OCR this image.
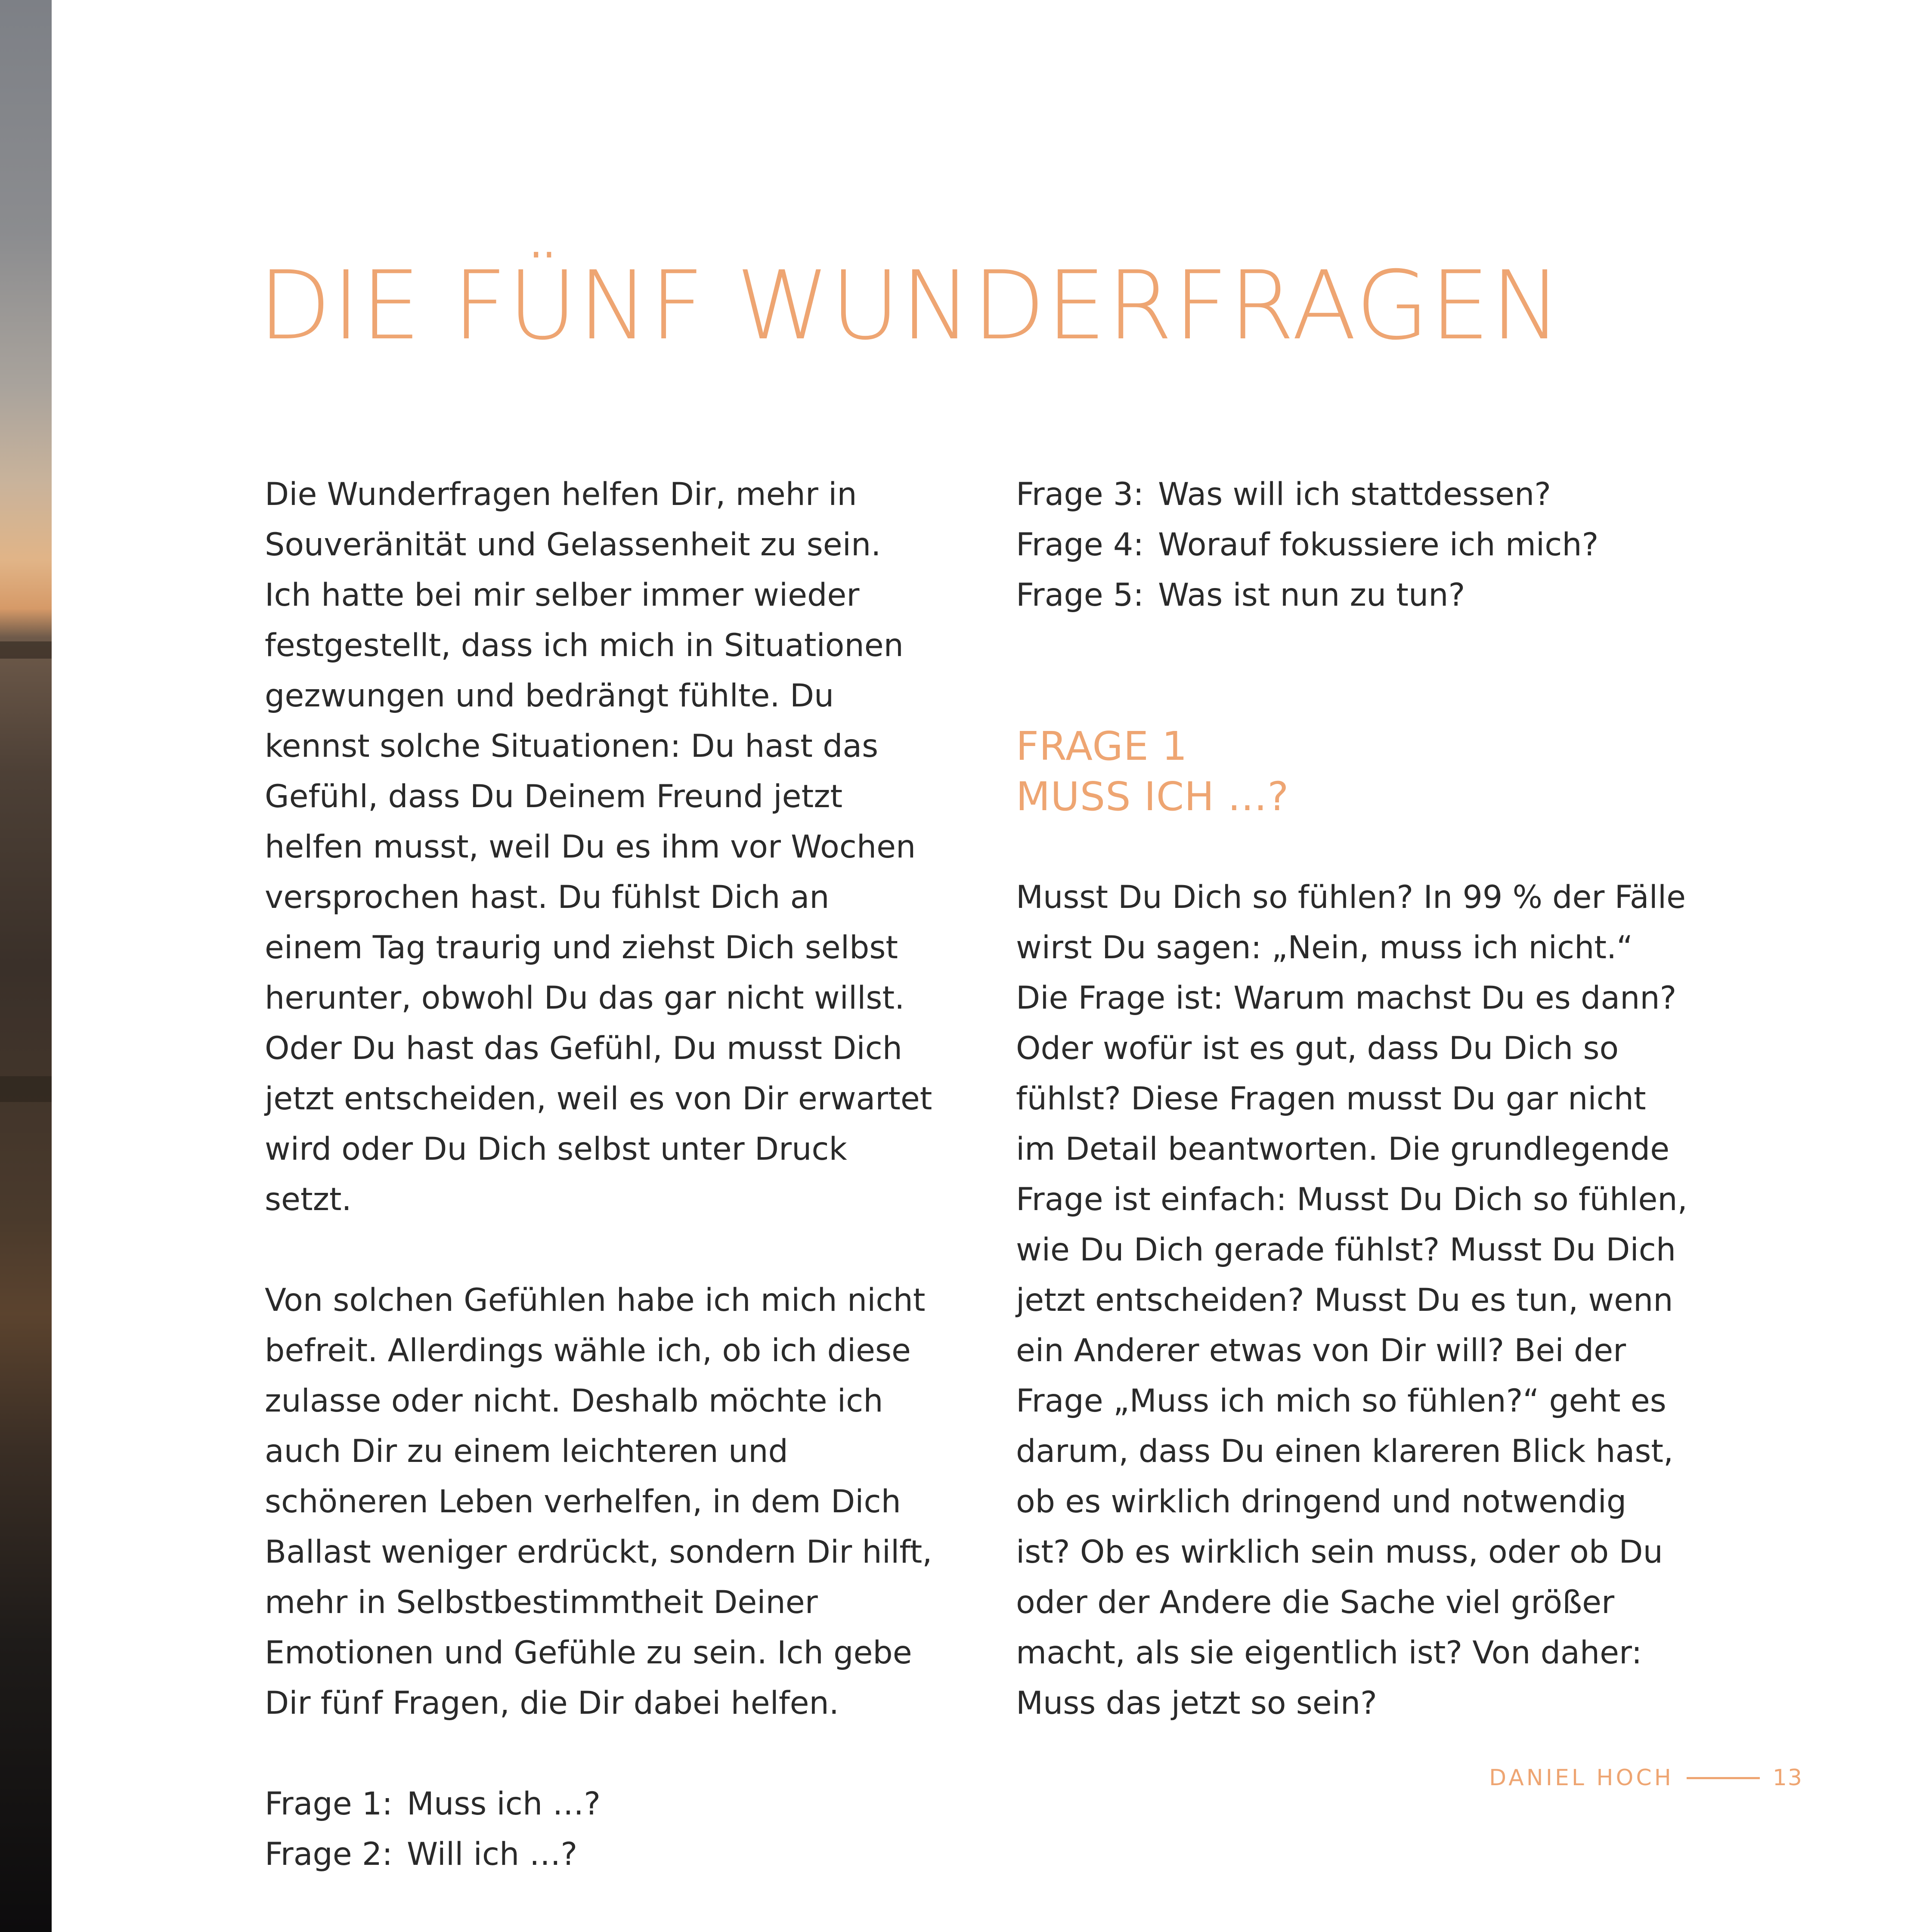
DIE FÜNF WUNDERFRAGEN

Die Wunderfragen helfen Dir, mehr in Souveränität und Gelassenheit zu sein. Ich hatte bei mir selber immer wieder festgestellt, dass ich mich in Situationen gezwungen und bedrängt fühlte. Du kennst solche Situationen: Du hast das Gefühl, dass Du Deinem Freund jetzt helfen musst, weil Du es ihm vor Wochen versprochen hast. Du fühlst Dich an einem Tag traurig und ziehst Dich selbst herunter, obwohl Du das gar nicht willst. Oder Du hast das Gefühl, Du musst Dich jetzt entscheiden, weil es von Dir erwartet wird oder Du Dich selbst unter Druck setzt.

Von solchen Gefühlen habe ich mich nicht befreit. Allerdings wähle ich, ob ich diese zulasse oder nicht. Deshalb möchte ich auch Dir zu einem leichteren und schöneren Leben verhelfen, in dem Dich Ballast weniger erdrückt, sondern Dir hilft, mehr in Selbstbestimmtheit Deiner Emotionen und Gefühle zu sein. Ich gebe Dir fünf Fragen, die Dir dabei helfen.

Frage 1: Muss ich …?
Frage 2: Will ich …?
Frage 3: Was will ich stattdessen?
Frage 4: Worauf fokussiere ich mich?
Frage 5: Was ist nun zu tun?
FRAGE 1
MUSS ICH …?

Musst Du Dich so fühlen? In 99 % der Fälle wirst Du sagen: „Nein, muss ich nicht.“ Die Frage ist: Warum machst Du es dann? Oder wofür ist es gut, dass Du Dich so fühlst? Diese Fragen musst Du gar nicht im Detail beantworten. Die grundlegende Frage ist einfach: Musst Du Dich so fühlen, wie Du Dich gerade fühlst? Musst Du Dich jetzt entscheiden? Musst Du es tun, wenn ein Anderer etwas von Dir will? Bei der Frage „Muss ich mich so fühlen?“ geht es darum, dass Du einen klareren Blick hast, ob es wirklich dringend und notwendig ist? Ob es wirklich sein muss, oder ob Du oder der Andere die Sache viel größer macht, als sie eigentlich ist? Von daher: Muss das jetzt so sein?

DANIEL HOCH	13
